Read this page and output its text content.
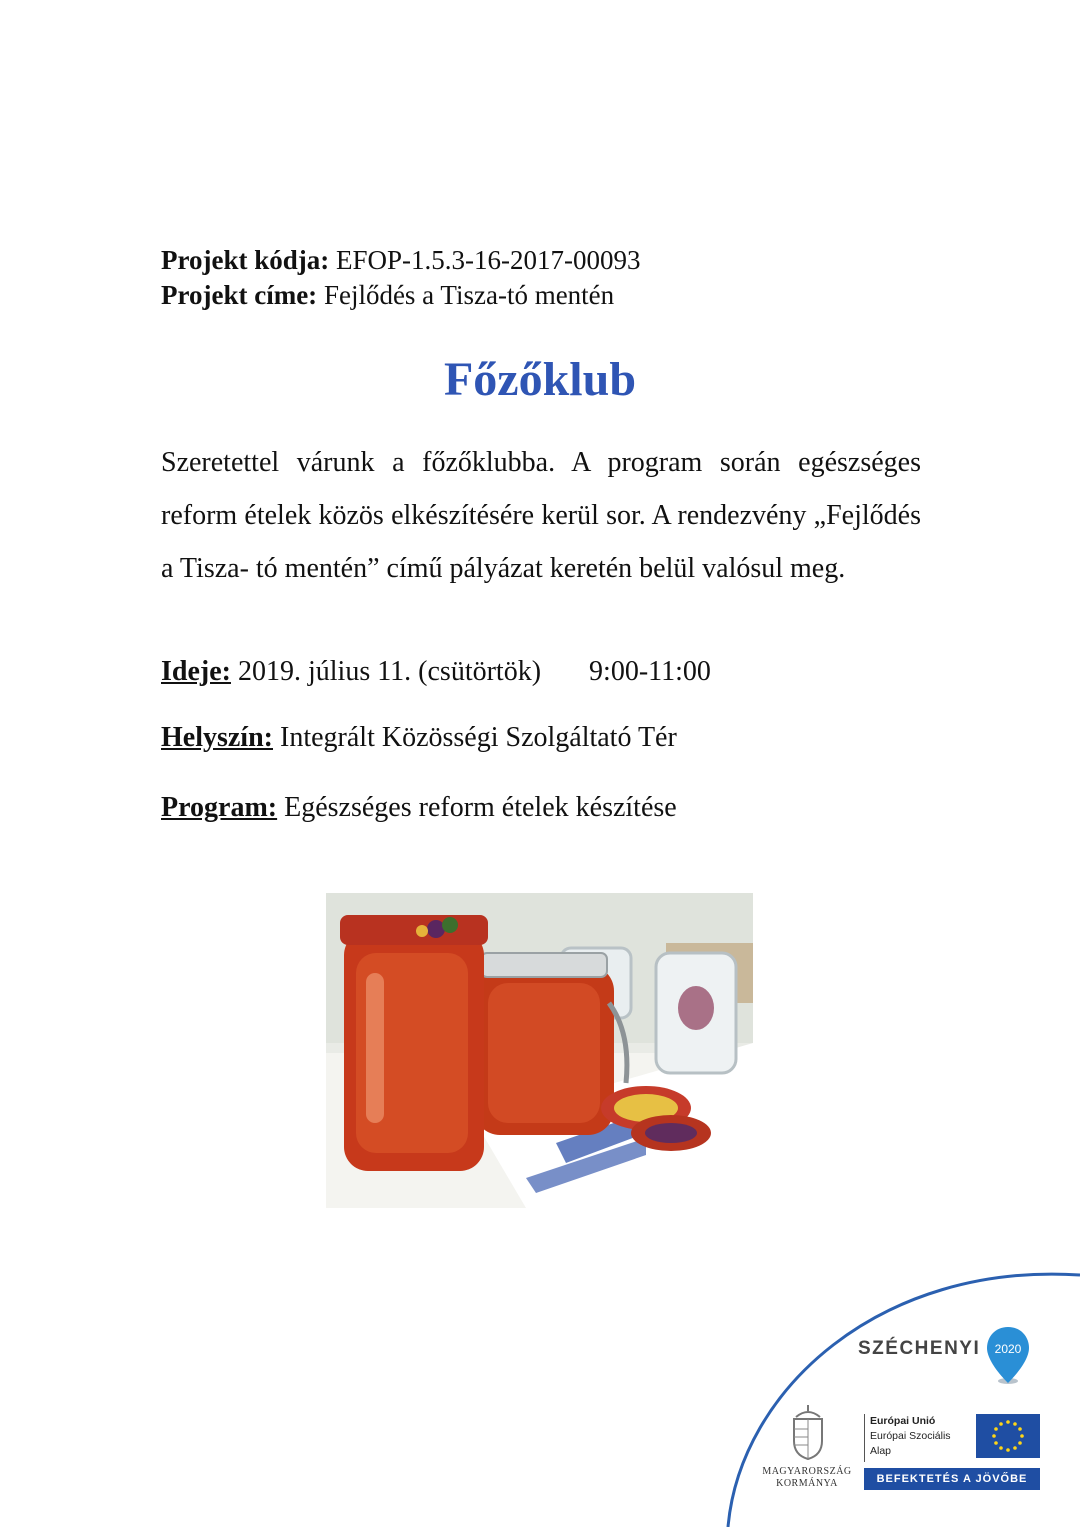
Projekt kódja: EFOP-1.5.3-16-2017-00093
Projekt címe: Fejlődés a Tisza-tó mentén
Főzőklub
Szeretettel várunk a főzőklubba. A program során egészséges reform ételek közös elkészítésére kerül sor. A rendezvény „Fejlődés a Tisza- tó mentén” című pályázat keretén belül valósul meg.
Ideje: 2019. július 11. (csütörtök) 9:00-11:00
Helyszín: Integrált Közösségi Szolgáltató Tér
Program: Egészséges reform ételek készítése
SZÉCHENYI 2020
MAGYARORSZÁG
KORMÁNYA
Európai Unió
Európai Szociális
Alap
BEFEKTETÉS A JÖVŐBE
